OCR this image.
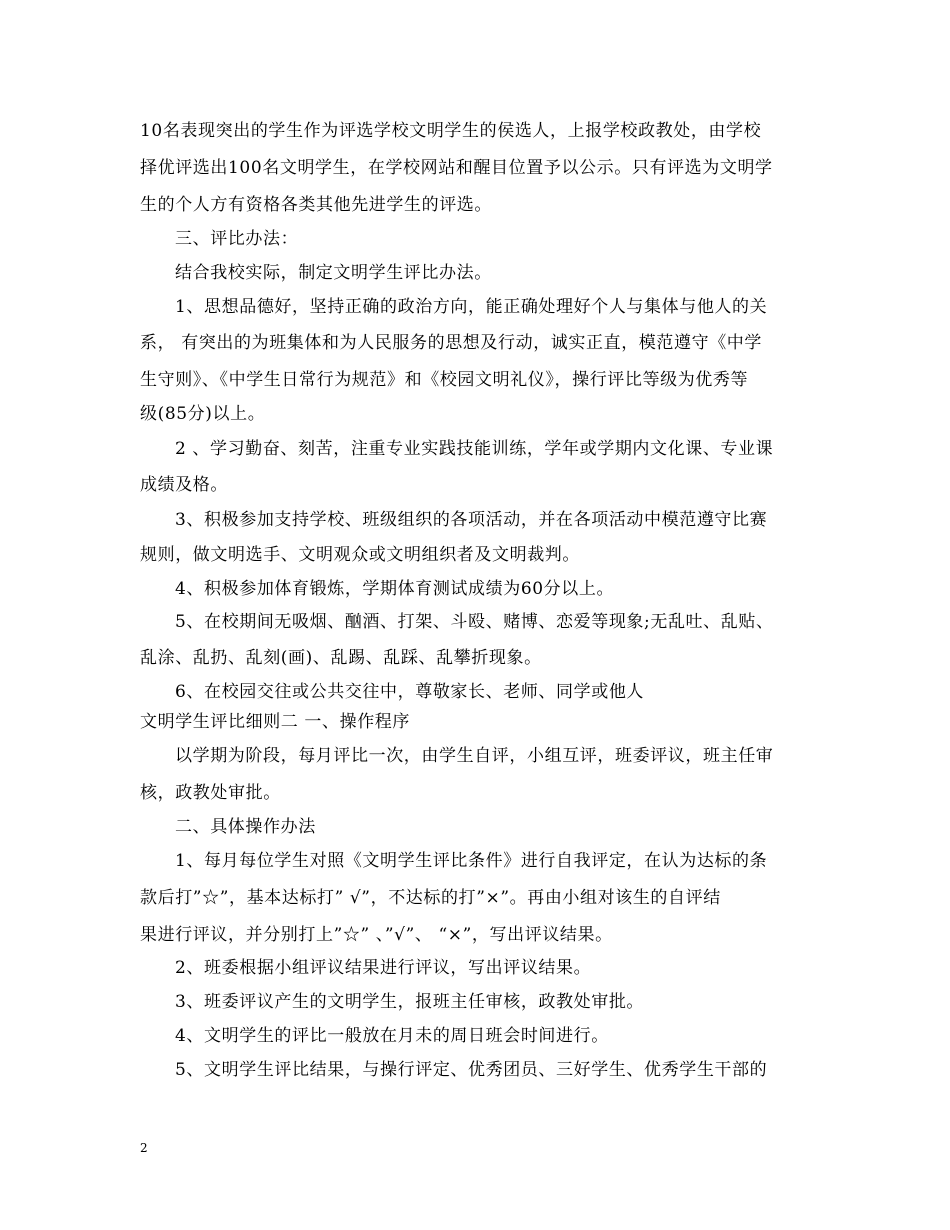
10名表现突出的学生作为评选学校文明学生的侯选人，上报学校政教处，由学校
择优评选出100名文明学生，在学校网站和醒目位置予以公示。只有评选为文明学
生的个人方有资格各类其他先进学生的评选。
三、评比办法：
结合我校实际，制定文明学生评比办法。
1、思想品德好，坚持正确的政治方向，能正确处理好个人与集体与他人的关
系， 有突出的为班集体和为人民服务的思想及行动，诚实正直，模范遵守《中学
生守则》、《中学生日常行为规范》和《校园文明礼仪》，操行评比等级为优秀等
级(85分)以上。
2 、学习勤奋、刻苦，注重专业实践技能训练，学年或学期内文化课、专业课
成绩及格。
3、积极参加支持学校、班级组织的各项活动，并在各项活动中模范遵守比赛
规则，做文明选手、文明观众或文明组织者及文明裁判。
4、积极参加体育锻炼，学期体育测试成绩为60分以上。
5、在校期间无吸烟、酗酒、打架、斗殴、赌博、恋爱等现象;无乱吐、乱贴、
乱涂、乱扔、乱刻(画)、乱踢、乱踩、乱攀折现象。
6、在校园交往或公共交往中，尊敬家长、老师、同学或他人
文明学生评比细则二 一、操作程序
以学期为阶段，每月评比一次，由学生自评，小组互评，班委评议，班主任审
核，政教处审批。
二、具体操作办法
1、每月每位学生对照《文明学生评比条件》进行自我评定，在认为达标的条
款后打”☆”，基本达标打” √”，不达标的打”×”。再由小组对该生的自评结
果进行评议，并分别打上”☆” 、”√”、 “×”，写出评议结果。
2、班委根据小组评议结果进行评议，写出评议结果。
3、班委评议产生的文明学生，报班主任审核，政教处审批。
4、文明学生的评比一般放在月未的周日班会时间进行。
5、文明学生评比结果，与操行评定、优秀团员、三好学生、优秀学生干部的
2
